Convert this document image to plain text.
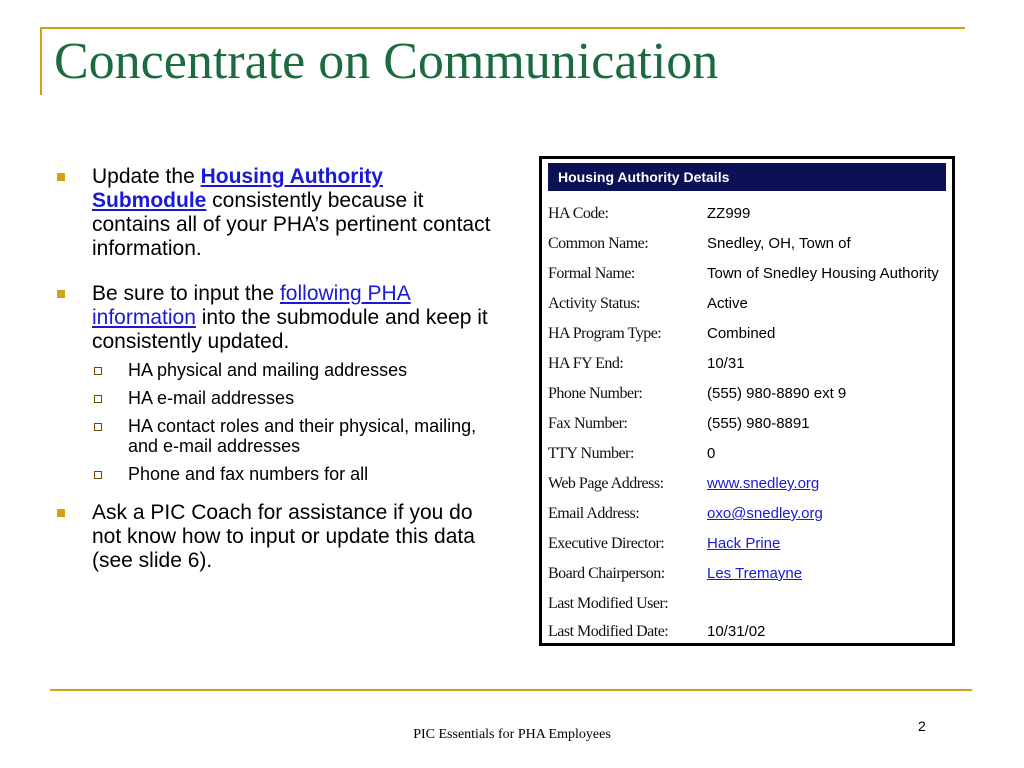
Concentrate on Communication
Update the Housing Authority Submodule consistently because it contains all of your PHA’s pertinent contact information.
Be sure to input the following PHA information into the submodule and keep it consistently updated.
HA physical and mailing addresses
HA e-mail addresses
HA contact roles and their physical, mailing, and e-mail addresses
Phone and fax numbers for all
Ask a PIC Coach for assistance if you do not know how to input or update this data (see slide 6).
Housing Authority Details
HA Code:	ZZ999
Common Name:	Snedley, OH, Town of
Formal Name:	Town of Snedley Housing Authority
Activity Status:	Active
HA Program Type:	Combined
HA FY End:	10/31
Phone Number:	(555) 980-8890 ext 9
Fax Number:	(555) 980-8891
TTY Number:	0
Web Page Address:	www.snedley.org
Email Address:	oxo@snedley.org
Executive Director:	Hack Prine
Board Chairperson:	Les Tremayne
Last Modified User:
Last Modified Date:	10/31/02
PIC Essentials for PHA Employees
2
